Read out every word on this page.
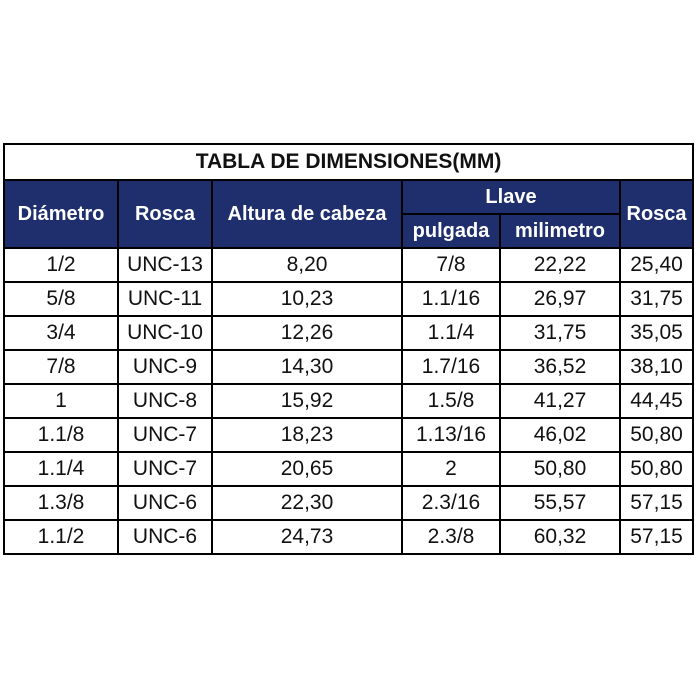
TABLA DE DIMENSIONES(MM)					
Diámetro	Rosca	Altura de cabeza	Llave		Rosca
			pulgada	milimetro	
1/2	UNC-13	8,20	7/8	22,22	25,40
5/8	UNC-11	10,23	1.1/16	26,97	31,75
3/4	UNC-10	12,26	1.1/4	31,75	35,05
7/8	UNC-9	14,30	1.7/16	36,52	38,10
1	UNC-8	15,92	1.5/8	41,27	44,45
1.1/8	UNC-7	18,23	1.13/16	46,02	50,80
1.1/4	UNC-7	20,65	2	50,80	50,80
1.3/8	UNC-6	22,30	2.3/16	55,57	57,15
1.1/2	UNC-6	24,73	2.3/8	60,32	57,15
